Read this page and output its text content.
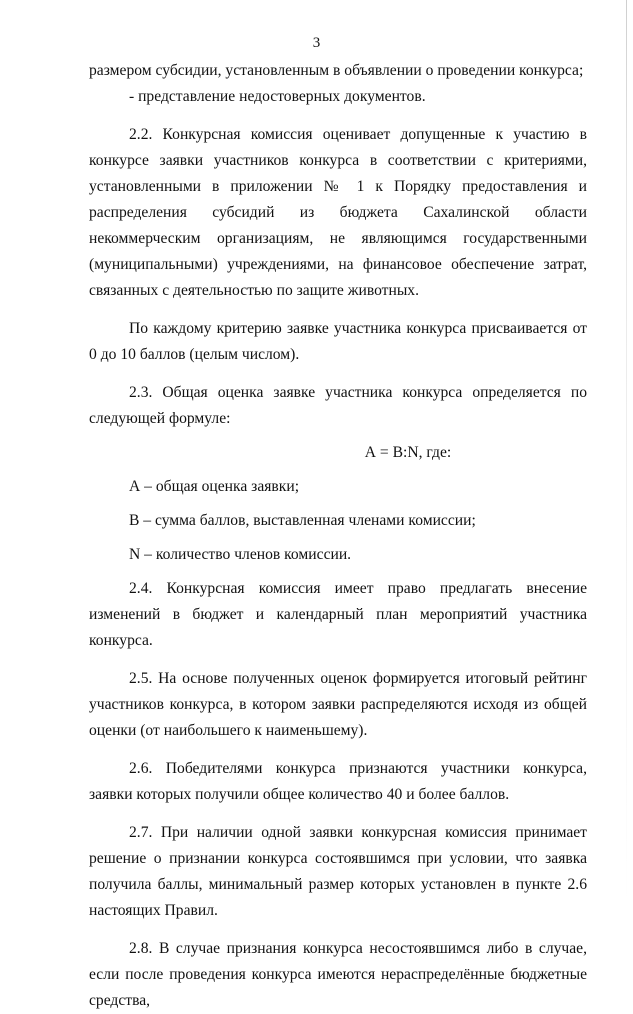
3

размером субсидии, установленным в объявлении о проведении конкурса;

- представление недостоверных документов.

2.2. Конкурсная комиссия оценивает допущенные к участию в конкурсе заявки участников конкурса в соответствии с критериями, установленными в приложении № 1 к Порядку предоставления и распределения субсидий из бюджета Сахалинской области некоммерческим организациям, не являющимся государственными (муниципальными) учреждениями, на финансовое обеспечение затрат, связанных с деятельностью по защите животных.

По каждому критерию заявке участника конкурса присваивается от 0 до 10 баллов (целым числом).

2.3. Общая оценка заявке участника конкурса определяется по следующей формуле:

А = В:N, где:

А – общая оценка заявки;

В – сумма баллов, выставленная членами комиссии;

N – количество членов комиссии.

2.4. Конкурсная комиссия имеет право предлагать внесение изменений в бюджет и календарный план мероприятий участника конкурса.

2.5. На основе полученных оценок формируется итоговый рейтинг участников конкурса, в котором заявки распределяются исходя из общей оценки (от наибольшего к наименьшему).

2.6. Победителями конкурса признаются участники конкурса, заявки которых получили общее количество 40 и более баллов.

2.7. При наличии одной заявки конкурсная комиссия принимает решение о признании конкурса состоявшимся при условии, что заявка получила баллы, минимальный размер которых установлен в пункте 2.6 настоящих Правил.

2.8. В случае признания конкурса несостоявшимся либо в случае, если после проведения конкурса имеются нераспределённые бюджетные средства,
